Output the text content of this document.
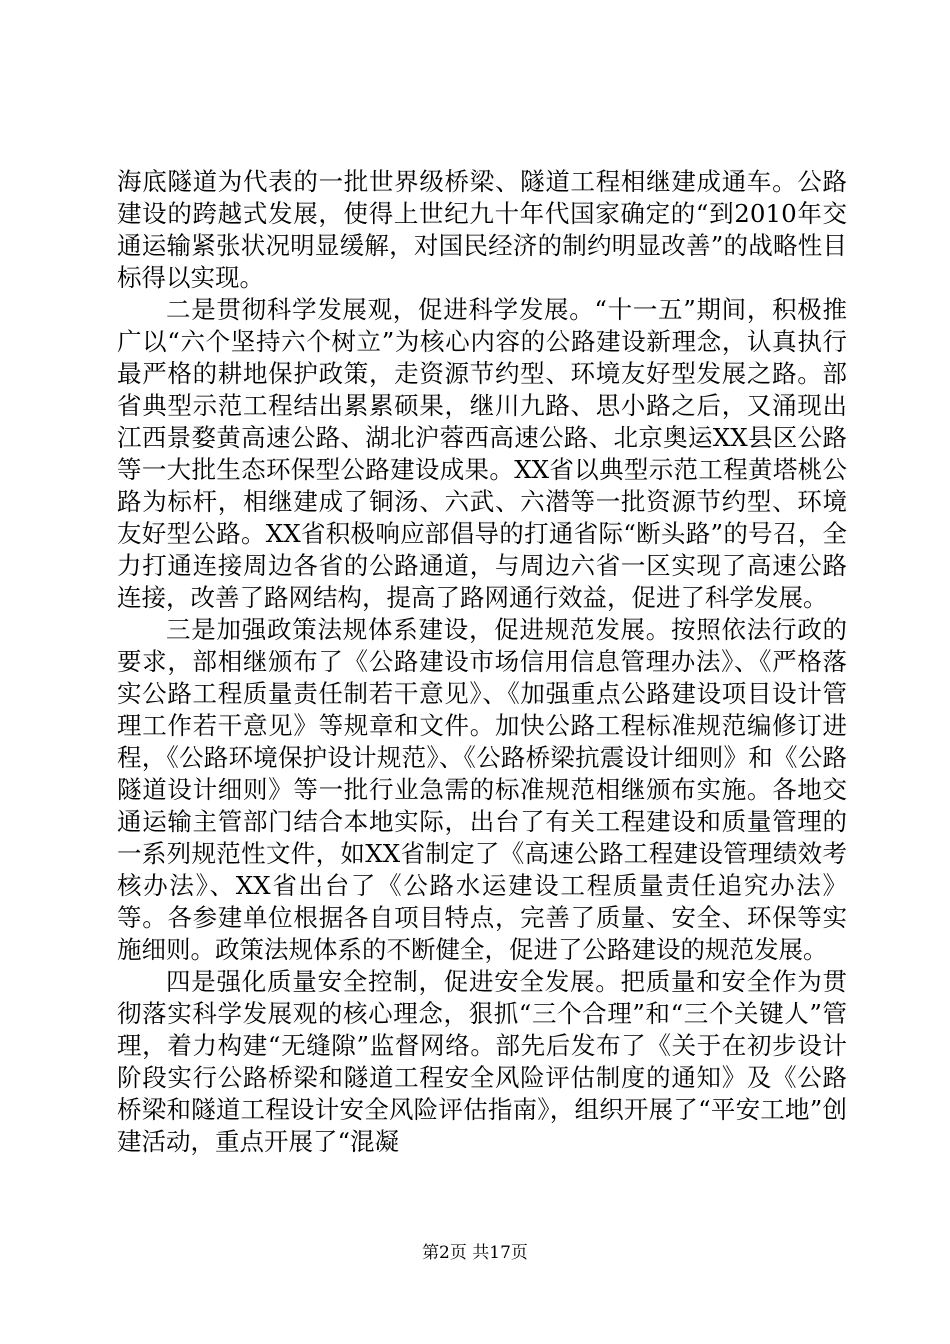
海底隧道为代表的一批世界级桥梁、隧道工程相继建成通车。公路建设的跨越式发展，使得上世纪九十年代国家确定的“到2010年交通运输紧张状况明显缓解，对国民经济的制约明显改善”的战略性目标得以实现。

二是贯彻科学发展观，促进科学发展。“十一五”期间，积极推广以“六个坚持六个树立”为核心内容的公路建设新理念，认真执行最严格的耕地保护政策，走资源节约型、环境友好型发展之路。部省典型示范工程结出累累硕果，继川九路、思小路之后，又涌现出江西景婺黄高速公路、湖北沪蓉西高速公路、北京奥运XX县区公路等一大批生态环保型公路建设成果。XX省以典型示范工程黄塔桃公路为标杆，相继建成了铜汤、六武、六潜等一批资源节约型、环境友好型公路。XX省积极响应部倡导的打通省际“断头路”的号召，全力打通连接周边各省的公路通道，与周边六省一区实现了高速公路连接，改善了路网结构，提高了路网通行效益，促进了科学发展。

三是加强政策法规体系建设，促进规范发展。按照依法行政的要求，部相继颁布了《公路建设市场信用信息管理办法》、《严格落实公路工程质量责任制若干意见》、《加强重点公路建设项目设计管理工作若干意见》等规章和文件。加快公路工程标准规范编修订进程，《公路环境保护设计规范》、《公路桥梁抗震设计细则》和《公路隧道设计细则》等一批行业急需的标准规范相继颁布实施。各地交通运输主管部门结合本地实际，出台了有关工程建设和质量管理的一系列规范性文件，如XX省制定了《高速公路工程建设管理绩效考核办法》、XX省出台了《公路水运建设工程质量责任追究办法》等。各参建单位根据各自项目特点，完善了质量、安全、环保等实施细则。政策法规体系的不断健全，促进了公路建设的规范发展。

四是强化质量安全控制，促进安全发展。把质量和安全作为贯彻落实科学发展观的核心理念，狠抓“三个合理”和“三个关键人”管理，着力构建“无缝隙”监督网络。部先后发布了《关于在初步设计阶段实行公路桥梁和隧道工程安全风险评估制度的通知》及《公路桥梁和隧道工程设计安全风险评估指南》，组织开展了“平安工地”创建活动，重点开展了“混凝

第2页 共17页
